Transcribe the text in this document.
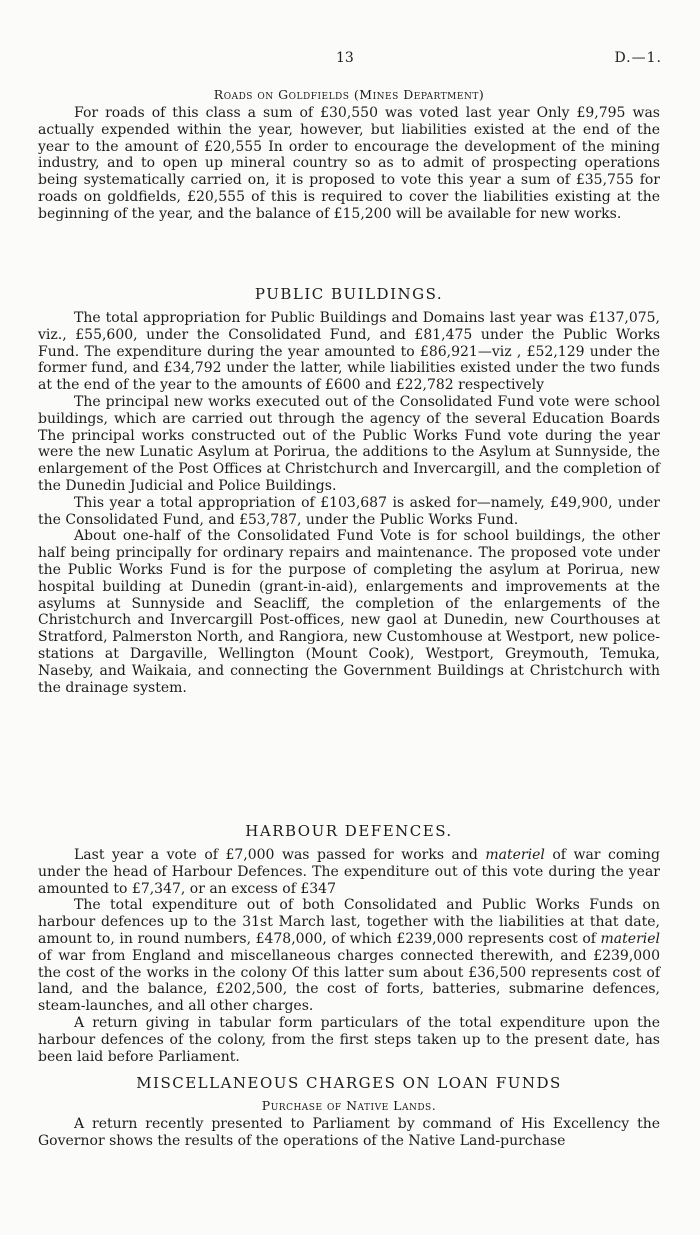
13	D.—1.
Roads on Goldfields (Mines Department)

For roads of this class a sum of £30,550 was voted last year Only £9,795 was actually expended within the year, however, but liabilities existed at the end of the year to the amount of £20,555 In order to encourage the development of the mining industry, and to open up mineral country so as to admit of prospecting operations being systematically carried on, it is proposed to vote this year a sum of £35,755 for roads on goldfields, £20,555 of this is required to cover the liabilities existing at the beginning of the year, and the balance of £15,200 will be available for new works.

PUBLIC BUILDINGS.

The total appropriation for Public Buildings and Domains last year was £137,075, viz., £55,600, under the Consolidated Fund, and £81,475 under the Public Works Fund. The expenditure during the year amounted to £86,921—viz , £52,129 under the former fund, and £34,792 under the latter, while liabilities existed under the two funds at the end of the year to the amounts of £600 and £22,782 respectively

The principal new works executed out of the Consolidated Fund vote were school buildings, which are carried out through the agency of the several Education Boards The principal works constructed out of the Public Works Fund vote during the year were the new Lunatic Asylum at Porirua, the additions to the Asylum at Sunnyside, the enlargement of the Post Offices at Christchurch and Invercargill, and the completion of the Dunedin Judicial and Police Buildings.

This year a total appropriation of £103,687 is asked for—namely, £49,900, under the Consolidated Fund, and £53,787, under the Public Works Fund.

About one-half of the Consolidated Fund Vote is for school buildings, the other half being principally for ordinary repairs and maintenance. The proposed vote under the Public Works Fund is for the purpose of completing the asylum at Porirua, new hospital building at Dunedin (grant-in-aid), enlargements and improvements at the asylums at Sunnyside and Seacliff, the completion of the enlargements of the Christchurch and Invercargill Post-offices, new gaol at Dunedin, new Courthouses at Stratford, Palmerston North, and Rangiora, new Customhouse at Westport, new police-stations at Dargaville, Wellington (Mount Cook), Westport, Greymouth, Temuka, Naseby, and Waikaia, and connecting the Government Buildings at Christchurch with the drainage system.

HARBOUR DEFENCES.

Last year a vote of £7,000 was passed for works and materiel of war coming under the head of Harbour Defences. The expenditure out of this vote during the year amounted to £7,347, or an excess of £347

The total expenditure out of both Consolidated and Public Works Funds on harbour defences up to the 31st March last, together with the liabilities at that date, amount to, in round numbers, £478,000, of which £239,000 represents cost of materiel of war from England and miscellaneous charges connected therewith, and £239,000 the cost of the works in the colony Of this latter sum about £36,500 represents cost of land, and the balance, £202,500, the cost of forts, batteries, submarine defences, steam-launches, and all other charges.

A return giving in tabular form particulars of the total expenditure upon the harbour defences of the colony, from the first steps taken up to the present date, has been laid before Parliament.

MISCELLANEOUS CHARGES ON LOAN FUNDS
Purchase of Native Lands.

A return recently presented to Parliament by command of His Excellency the Governor shows the results of the operations of the Native Land-purchase
